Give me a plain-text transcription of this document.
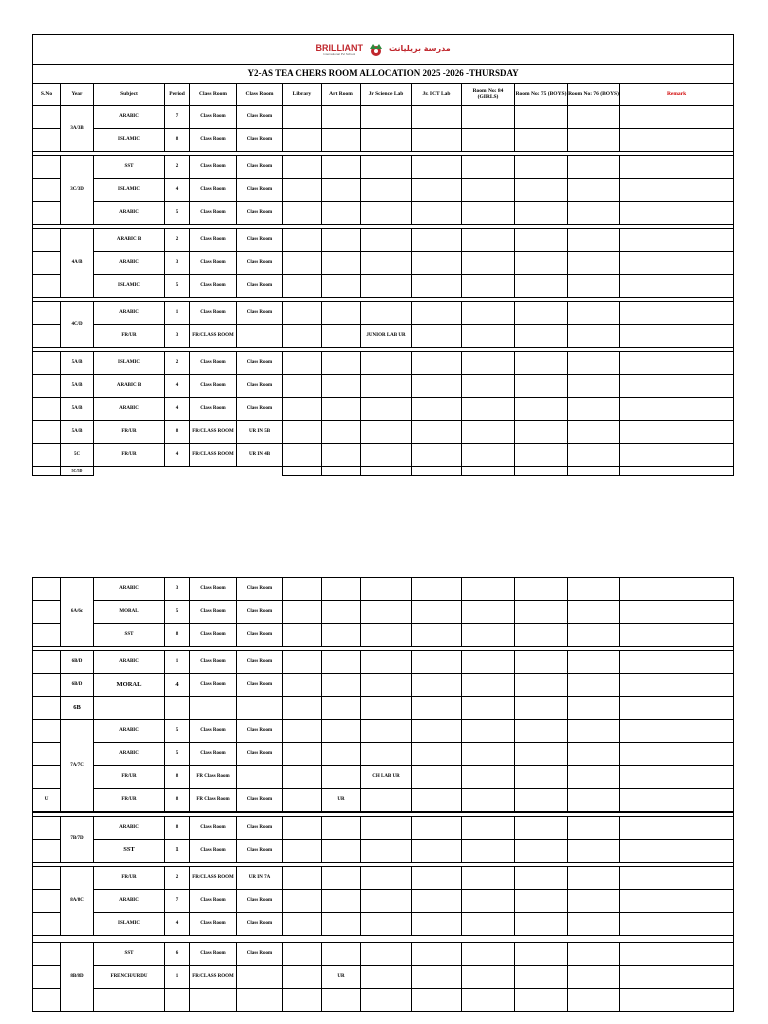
BRILLIANT
International Pvt School
مدرسة بريليانت													

Y2-AS TEA CHERS ROOM ALLOCATION 2025 -2026 -THURSDAY													
S.No	Year	Subject	Period	Class Room	Class Room	Library	Art Room	Jr Science Lab	Jr. ICT Lab	Room No: 84 (GIRLS)	Room No: 75 (BOYS)	Room No: 76 (BOYS)	Remark
	3A/3B	ARABIC	7	Class Room	Class Room								
		ISLAMIC	8	Class Room	Class Room								

	3C/3D	SST	2	Class Room	Class Room								
		ISLAMIC	4	Class Room	Class Room								
		ARABIC	5	Class Room	Class Room								

	4A/B	ARABIC B	2	Class Room	Class Room								
		ARABIC	3	Class Room	Class Room								
		ISLAMIC	5	Class Room	Class Room								

	4C/D	ARABIC	1	Class Room	Class Room								
		FR/UR	3	FR/CLASS ROOM				JUNIOR LAB UR					

	5A/B	ISLAMIC	2	Class Room	Class Room								
	5A/B	ARABIC B	4	Class Room	Class Room								
	5A/B	ARABIC	4	Class Room	Class Room								
	5A/B	FR/UR	8	FR/CLASS ROOM	UR IN 5B								
	5C	FR/UR	4	FR/CLASS ROOM	UR IN 4B								
	5C/5D												
	6A/6c	ARABIC	3	Class Room	Class Room								
		MORAL	5	Class Room	Class Room								
		SST	8	Class Room	Class Room								

	6B/D	ARABIC	1	Class Room	Class Room								
	6B/D	MORAL	4	Class Room	Class Room								
	6B												
	7A/7C	ARABIC	5	Class Room	Class Room								
		ARABIC	5	Class Room	Class Room								
		FR/UR	8	FR Class Room				CH LAB UR					
U		FR/UR	8	FR Class Room	Class Room		UR						

	7B/7D	ARABIC	8	Class Room	Class Room								
		SST	1	Class Room	Class Room								

	8A/8C	FR/UR	2	FR/CLASS ROOM	UR IN 7A								
		ARABIC	7	Class Room	Class Room								
		ISLAMIC	4	Class Room	Class Room								

	8B/8D	SST	6	Class Room	Class Room								
		FRENCH/URDU	1	FR/CLASS ROOM			UR						
